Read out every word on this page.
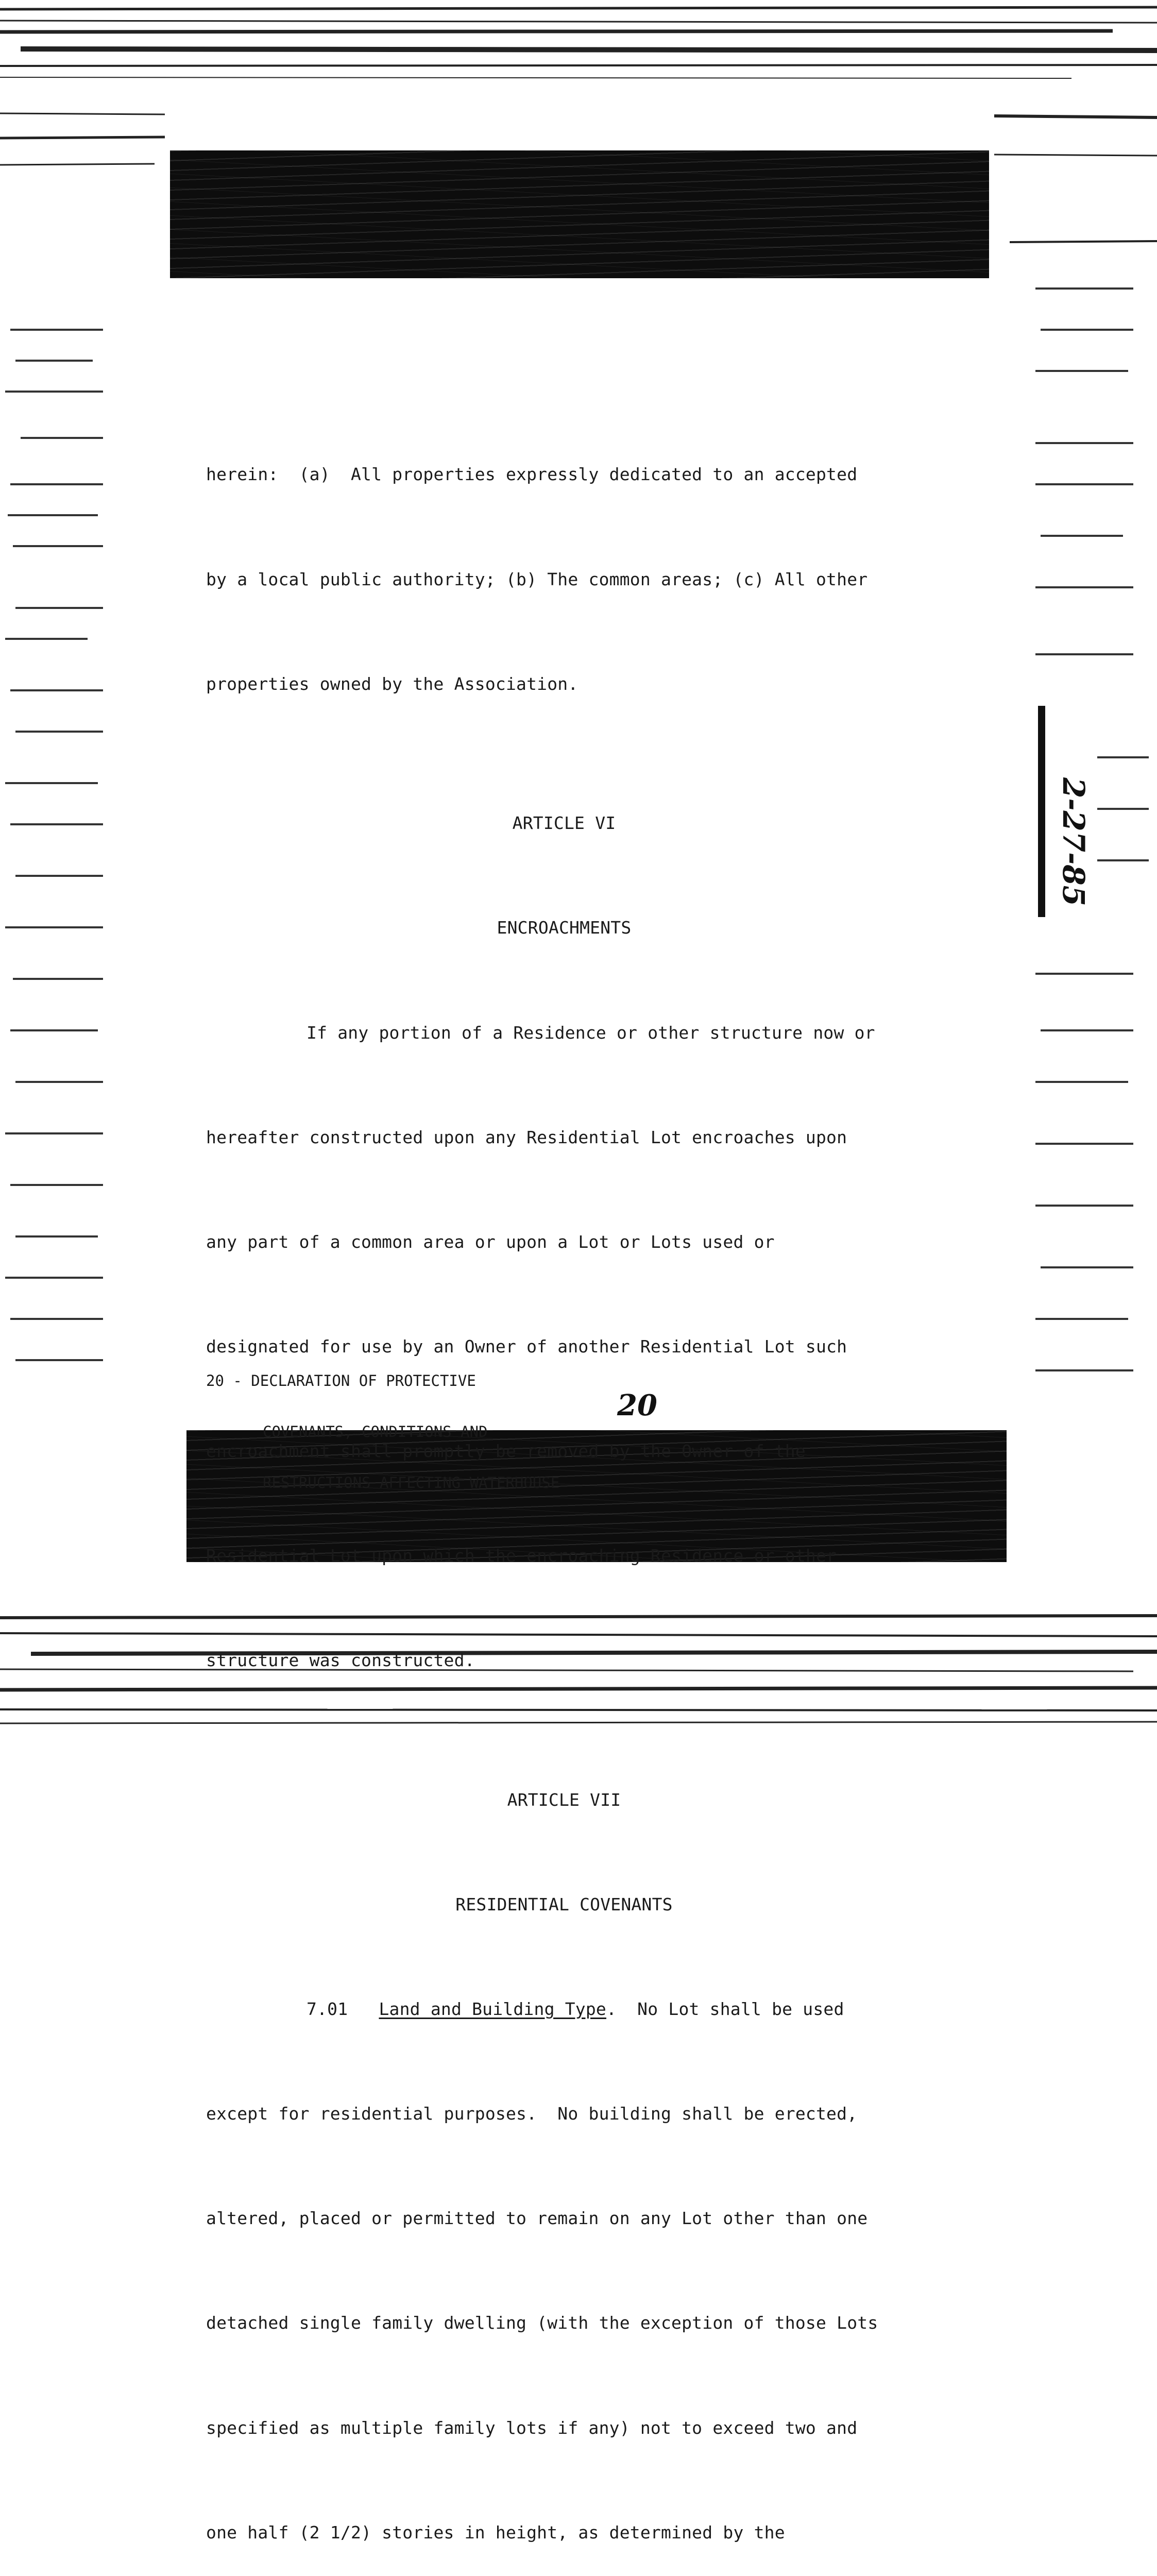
herein:  (a)  All properties expressly dedicated to an accepted

by a local public authority; (b) The common areas; (c) All other

properties owned by the Association.

ARTICLE VI

ENCROACHMENTS

If any portion of a Residence or other structure now or

hereafter constructed upon any Residential Lot encroaches upon

any part of a common area or upon a Lot or Lots used or

designated for use by an Owner of another Residential Lot such

encroachment shall promptly be removed by the Owner of the

Residential Lot upon which the encroaching Residence or other

structure was constructed.

ARTICLE VII

RESIDENTIAL COVENANTS

7.01 Land and Building Type.  No Lot shall be used

except for residential purposes.  No building shall be erected,

altered, placed or permitted to remain on any Lot other than one

detached single family dwelling (with the exception of those Lots

specified as multiple family lots if any) not to exceed two and

one half (2 1/2) stories in height, as determined by the

20 - DECLARATION OF PROTECTIVE

COVENANTS, CONDITIONS AND

RESTRUCTIONS AFFECTING WATERHOUSE

20
2-27-85
